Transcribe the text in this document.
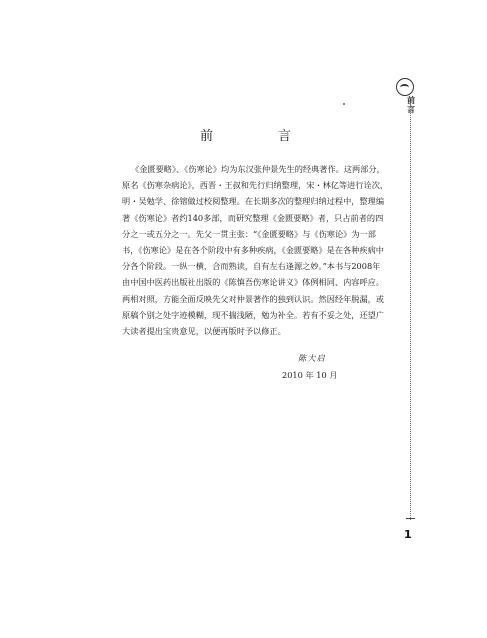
前言
1
前　言
《金匮要略》、《伤寒论》均为东汉张仲景先生的经典著作。这两部分，
原名《伤寒杂病论》，西晋・王叔和先行归纳整理，宋・林亿等进行诠次，
明・吴勉学、徐镕做过校阅整理。在长期多次的整理归纳过程中，整理编
著《伤寒论》者约140多部，而研究整理《金匮要略》者，只占前者的四
分之一或五分之一。先父一贯主张：“《金匮要略》与《伤寒论》为一部
书，《伤寒论》是在各个阶段中有多种疾病，《金匮要略》是在各种疾病中
分各个阶段。一纵一横，合而熟读，自有左右逢源之妙。”本书与2008年
由中国中医药出版社出版的《陈慎吾伤寒论讲义》体例相同、内容呼应。
两相对照，方能全面反映先父对仲景著作的独到认识。然因经年脱漏，或
原稿个别之处字迹模糊，现不揣浅陋，勉为补全。若有不妥之处，还望广
大读者提出宝贵意见，以便再版时予以修正。
陈大启
2010 年 10 月
